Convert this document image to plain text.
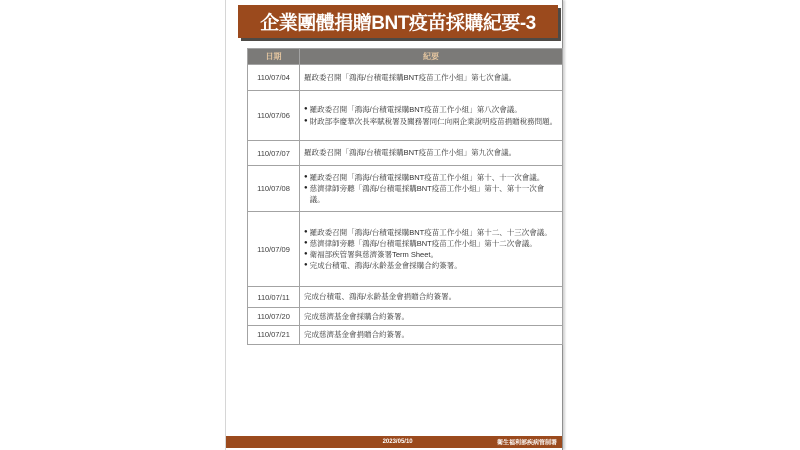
企業團體捐贈BNT疫苗採購紀要-3
日期	紀要
110/07/04	羅政委召開「鴻海/台積電採購BNT疫苗工作小組」第七次會議。

110/07/06	● 羅政委召開「鴻海/台積電採購BNT疫苗工作小組」第八次會議。
● 財政部李慶華次長率賦稅署及關務署同仁向兩企業說明疫苗捐贈稅務問題。

110/07/07	羅政委召開「鴻海/台積電採購BNT疫苗工作小組」第九次會議。

110/07/08	● 羅政委召開「鴻海/台積電採購BNT疫苗工作小組」第十、十一次會議。
● 慈濟律師旁聽「鴻海/台積電採購BNT疫苗工作小組」第十、第十一次會議。

110/07/09	
● 羅政委召開「鴻海/台積電採購BNT疫苗工作小組」第十二、十三次會議。
● 慈濟律師旁聽「鴻海/台積電採購BNT疫苗工作小組」第十二次會議。
● 衛福部疾管署與慈濟簽署Term Sheet。
● 完成台積電、鴻海/永齡基金會採購合約簽署。

110/07/11	完成台積電、鴻海/永齡基金會捐贈合約簽署。

110/07/20	完成慈濟基金會採購合約簽署。

110/07/21	完成慈濟基金會捐贈合約簽署。
2023/05/10	衛生福利部疾病管制署
